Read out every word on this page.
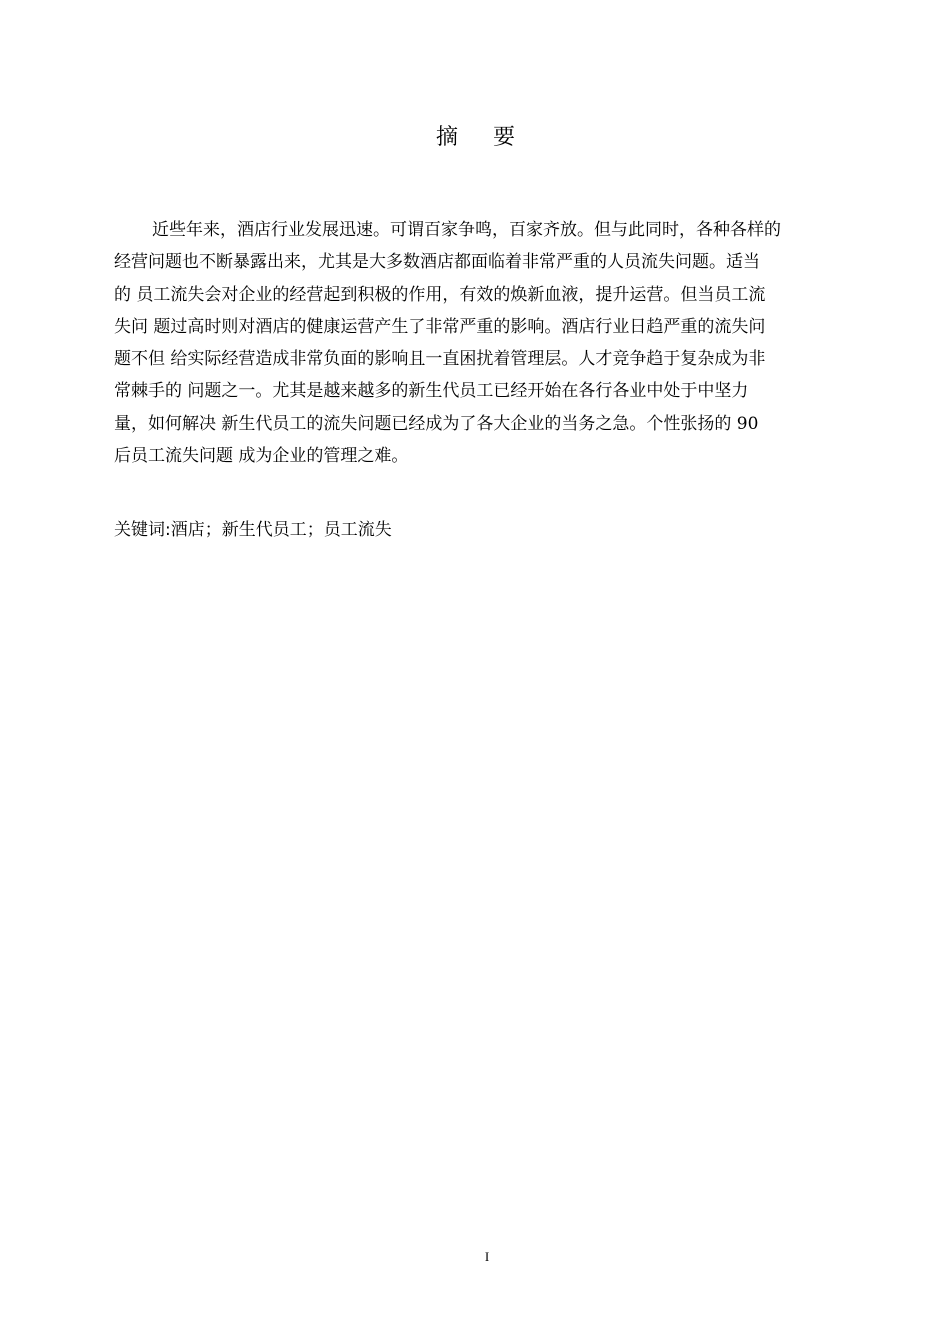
摘 要
近些年来，酒店行业发展迅速。可谓百家争鸣，百家齐放。但与此同时，各种各样的
经营问题也不断暴露出来，尤其是大多数酒店都面临着非常严重的人员流失问题。适当
的 员工流失会对企业的经营起到积极的作用，有效的焕新血液，提升运营。但当员工流
失问 题过高时则对酒店的健康运营产生了非常严重的影响。酒店行业日趋严重的流失问
题不但 给实际经营造成非常负面的影响且一直困扰着管理层。人才竞争趋于复杂成为非
常棘手的 问题之一。尤其是越来越多的新生代员工已经开始在各行各业中处于中坚力
量，如何解决 新生代员工的流失问题已经成为了各大企业的当务之急。个性张扬的 90
后员工流失问题 成为企业的管理之难。
关键词:酒店；新生代员工；员工流失
I
